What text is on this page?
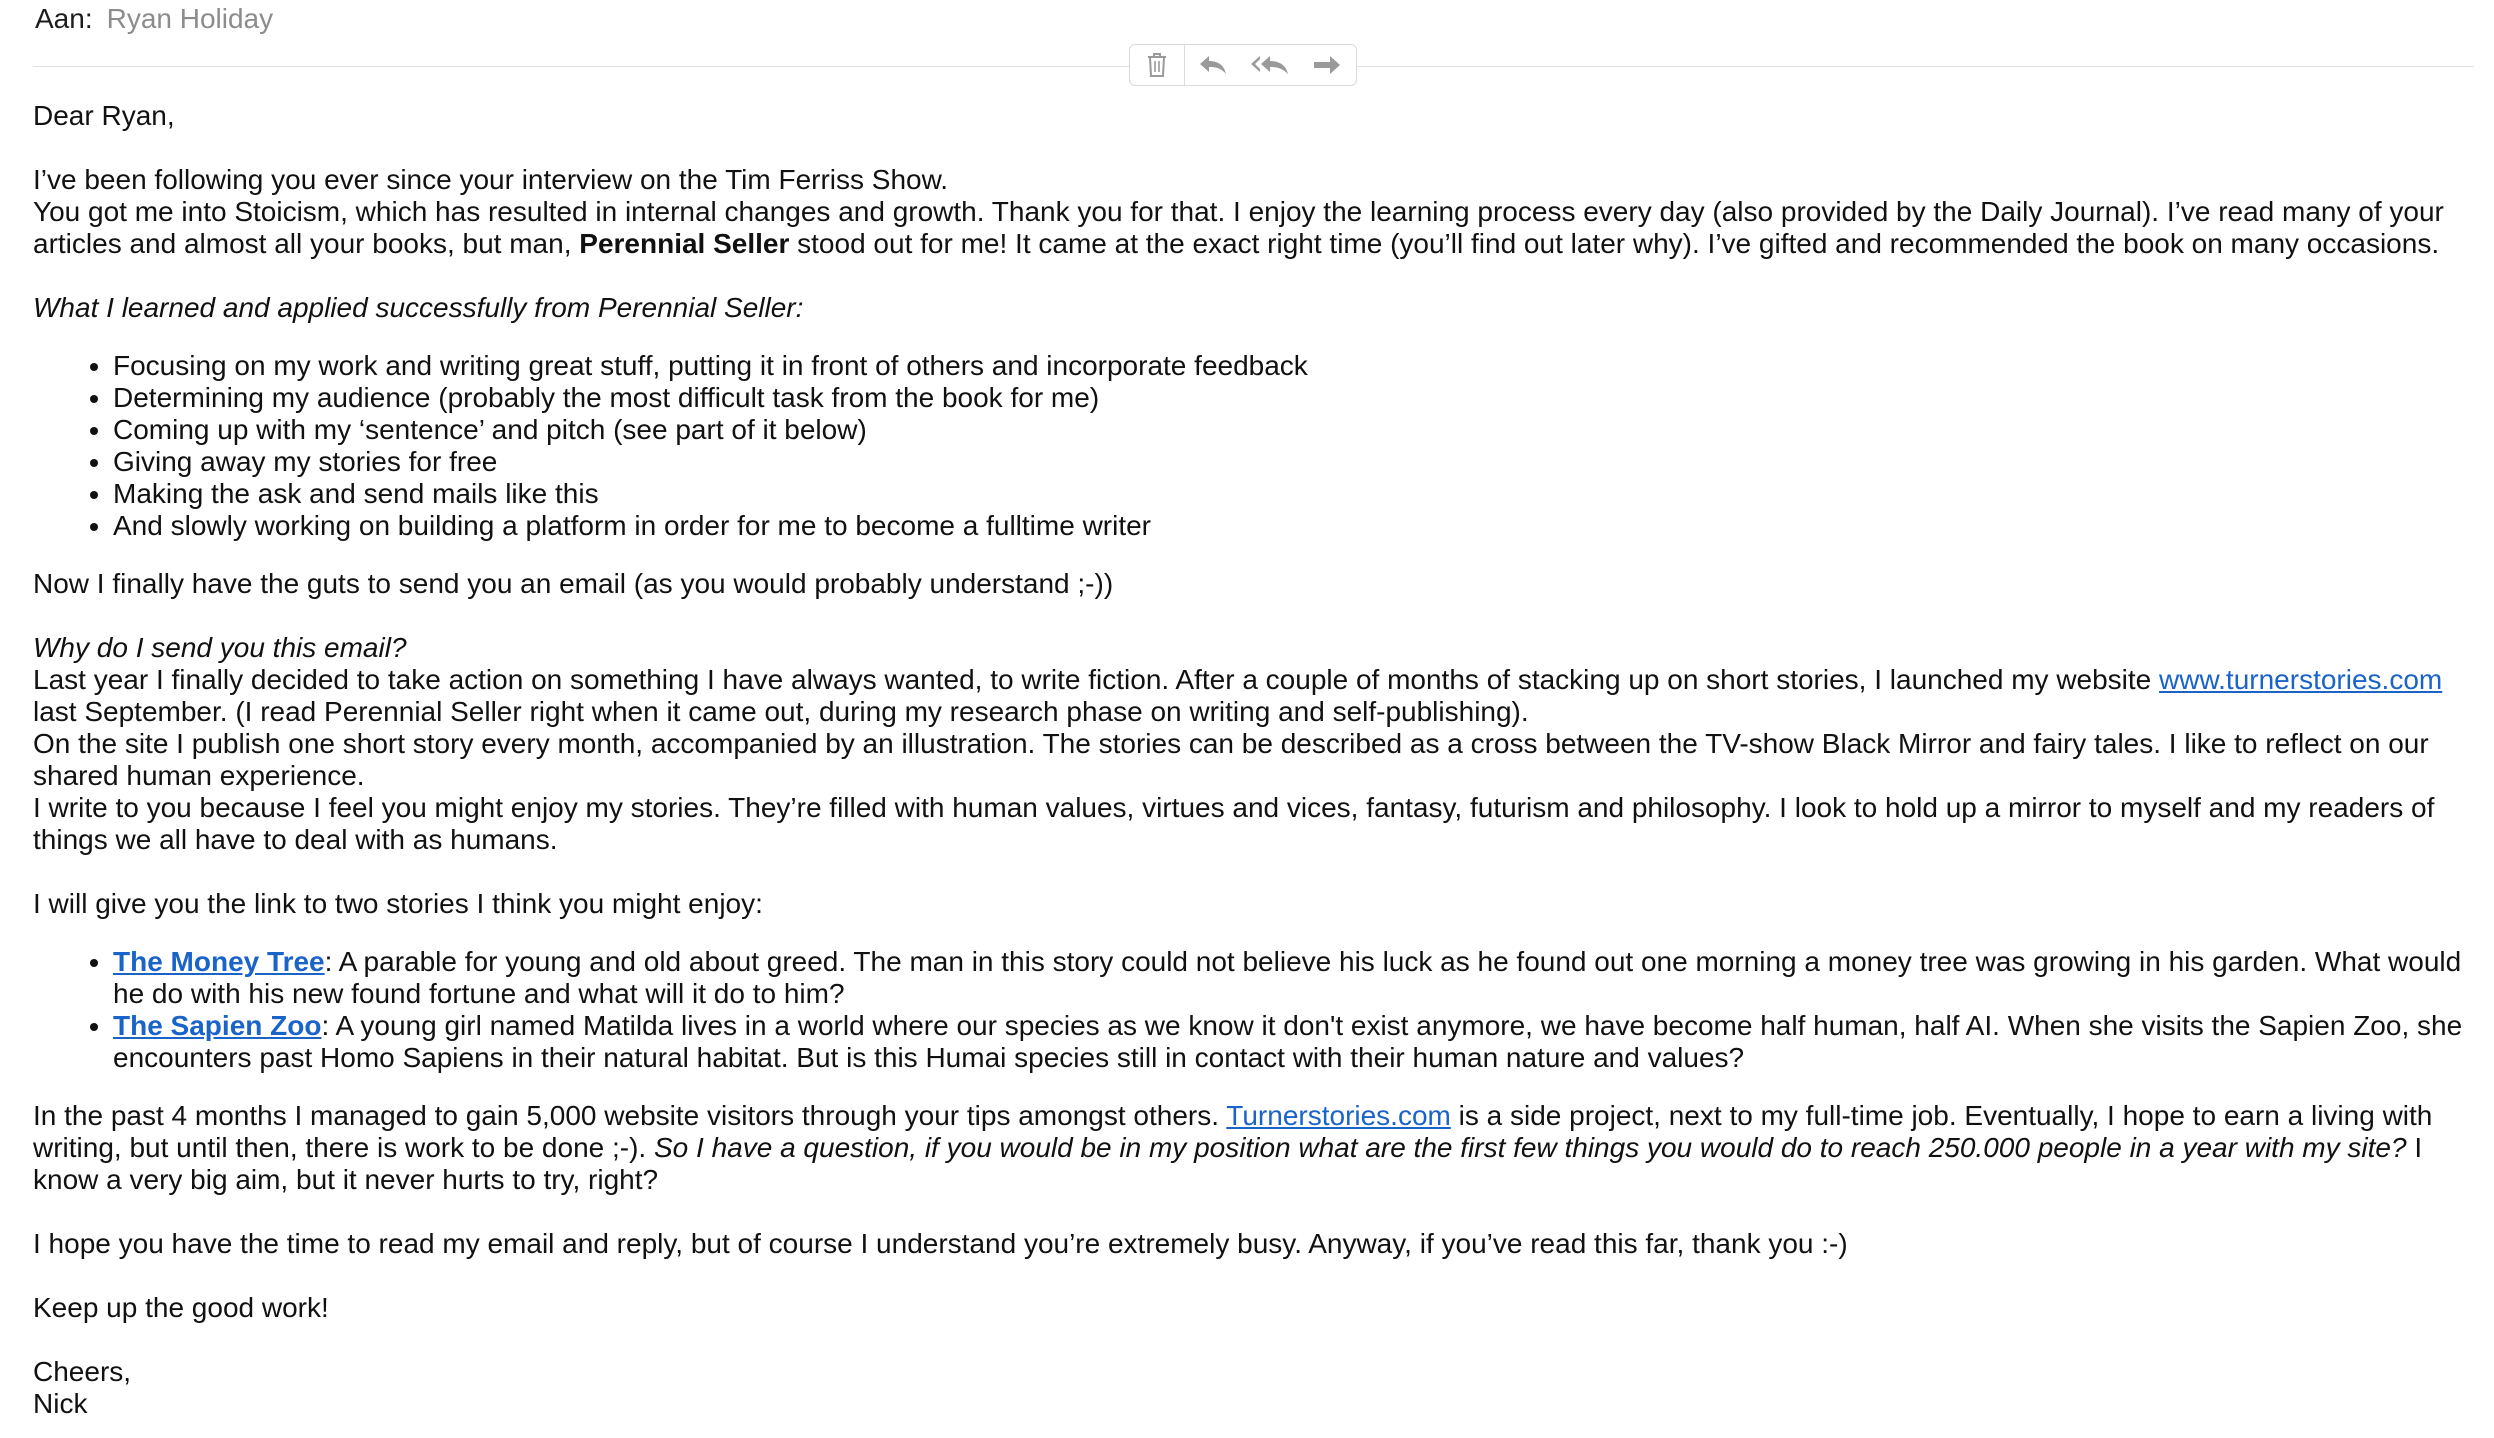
Aan: Ryan Holiday

Dear Ryan,

I’ve been following you ever since your interview on the Tim Ferriss Show.

You got me into Stoicism, which has resulted in internal changes and growth. Thank you for that. I enjoy the learning process every day (also provided by the Daily Journal). I’ve read many of your articles and almost all your books, but man, Perennial Seller stood out for me! It came at the exact right time (you’ll find out later why). I’ve gifted and recommended the book on many occasions.

What I learned and applied successfully from Perennial Seller:

• Focusing on my work and writing great stuff, putting it in front of others and incorporate feedback
• Determining my audience (probably the most difficult task from the book for me)
• Coming up with my ‘sentence’ and pitch (see part of it below)
• Giving away my stories for free
• Making the ask and send mails like this
• And slowly working on building a platform in order for me to become a fulltime writer

Now I finally have the guts to send you an email (as you would probably understand ;-))

Why do I send you this email?

Last year I finally decided to take action on something I have always wanted, to write fiction. After a couple of months of stacking up on short stories, I launched my website www.turnerstories.com last September. (I read Perennial Seller right when it came out, during my research phase on writing and self-publishing).

On the site I publish one short story every month, accompanied by an illustration. The stories can be described as a cross between the TV-show Black Mirror and fairy tales. I like to reflect on our shared human experience.

I write to you because I feel you might enjoy my stories. They’re filled with human values, virtues and vices, fantasy, futurism and philosophy. I look to hold up a mirror to myself and my readers of things we all have to deal with as humans.

I will give you the link to two stories I think you might enjoy:

• The Money Tree: A parable for young and old about greed. The man in this story could not believe his luck as he found out one morning a money tree was growing in his garden. What would he do with his new found fortune and what will it do to him?
• The Sapien Zoo: A young girl named Matilda lives in a world where our species as we know it don't exist anymore, we have become half human, half AI. When she visits the Sapien Zoo, she encounters past Homo Sapiens in their natural habitat. But is this Humai species still in contact with their human nature and values?

In the past 4 months I managed to gain 5,000 website visitors through your tips amongst others. Turnerstories.com is a side project, next to my full-time job. Eventually, I hope to earn a living with writing, but until then, there is work to be done ;-). So I have a question, if you would be in my position what are the first few things you would do to reach 250.000 people in a year with my site? I know a very big aim, but it never hurts to try, right?

I hope you have the time to read my email and reply, but of course I understand you’re extremely busy. Anyway, if you’ve read this far, thank you :-)

Keep up the good work!

Cheers,

Nick
